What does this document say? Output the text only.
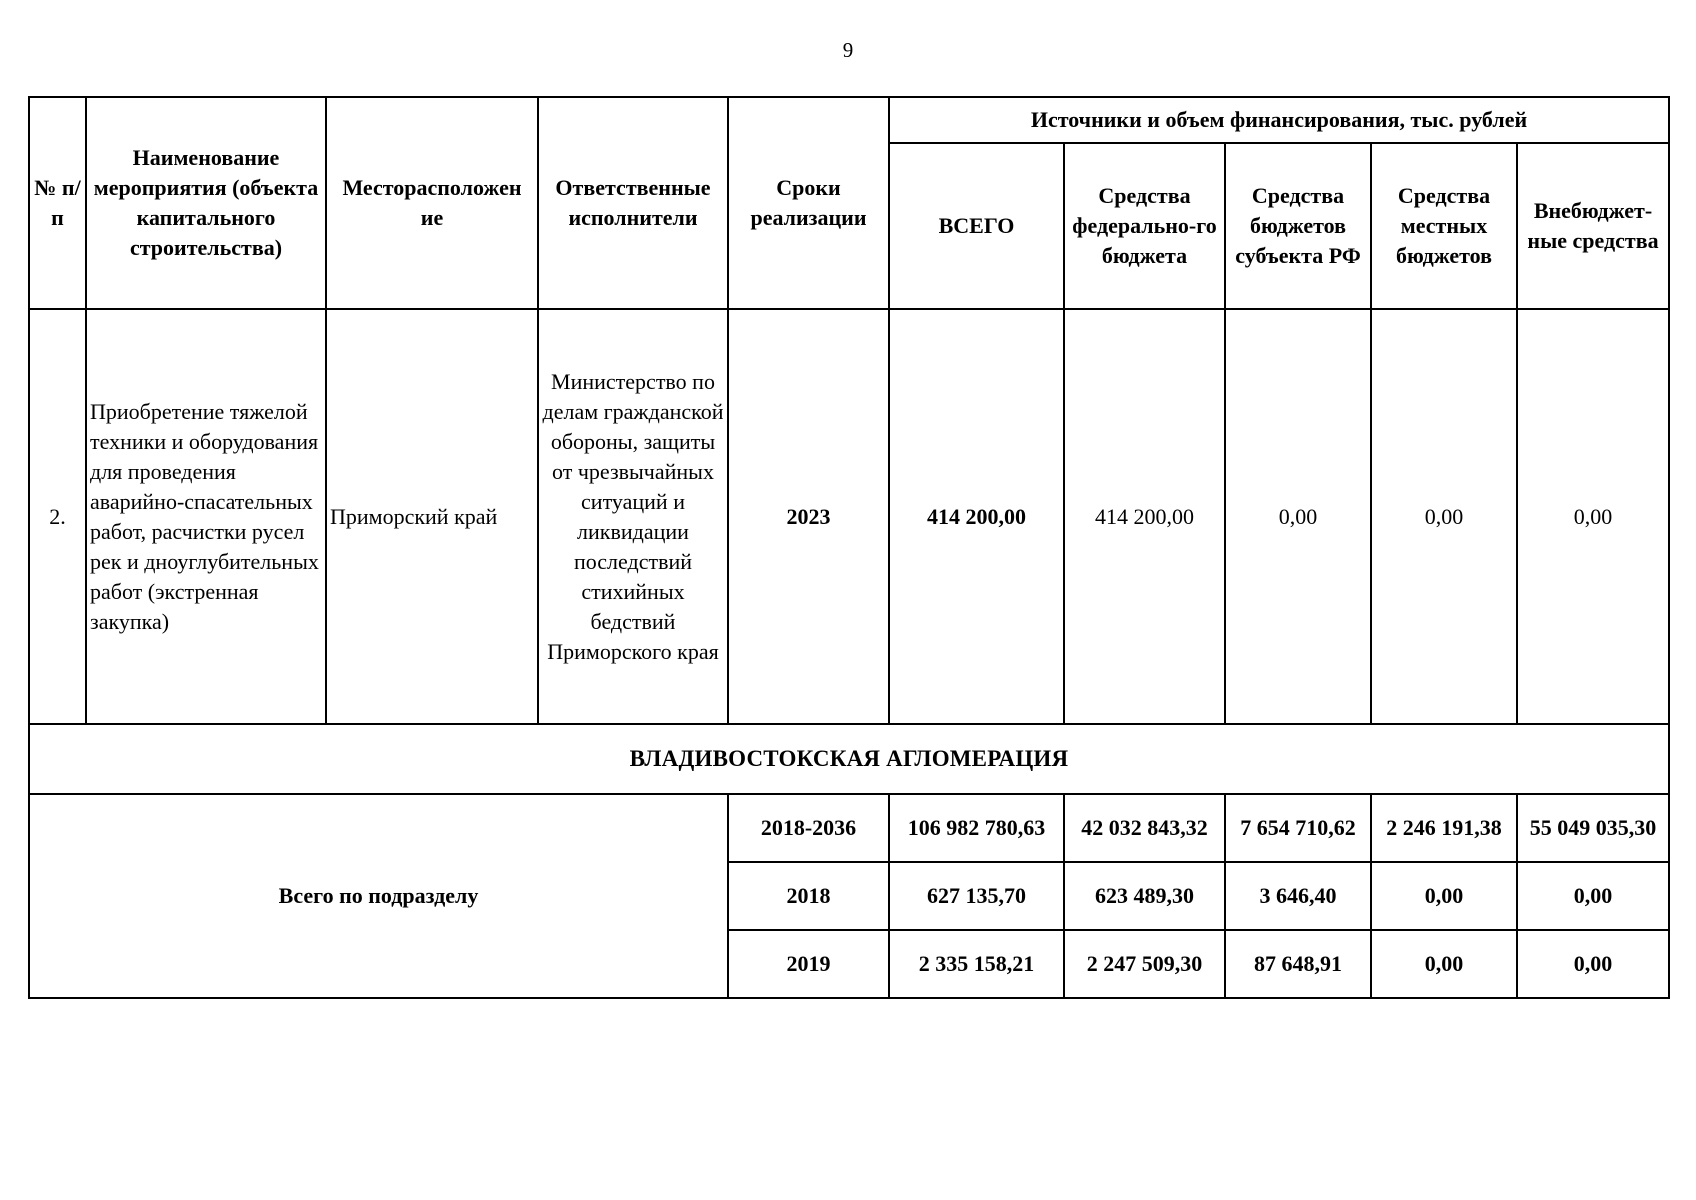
9
№ п/п	Наименование мероприятия (объекта капитального строительства)	Месторасположен ие	Ответственные исполнители	Сроки реализации	Источники и объем финансирования, тыс. рублей				
					ВСЕГО	Средства федерально-го бюджета	Средства бюджетов субъекта РФ	Средства местных бюджетов	Внебюджет-ные средства
2.	Приобретение тяжелой техники и оборудования для проведения аварийно-спасательных работ, расчистки русел рек и дноуглубительных работ (экстренная закупка)	Приморский край	Министерство по делам гражданской обороны, защиты от чрезвычайных ситуаций и ликвидации последствий стихийных бедствий Приморского края	2023	414 200,00	414 200,00	0,00	0,00	0,00
ВЛАДИВОСТОКСКАЯ АГЛОМЕРАЦИЯ									
Всего по подразделу				2018-2036	106 982 780,63	42 032 843,32	7 654 710,62	2 246 191,38	55 049 035,30
				2018	627 135,70	623 489,30	3 646,40	0,00	0,00
				2019	2 335 158,21	2 247 509,30	87 648,91	0,00	0,00
